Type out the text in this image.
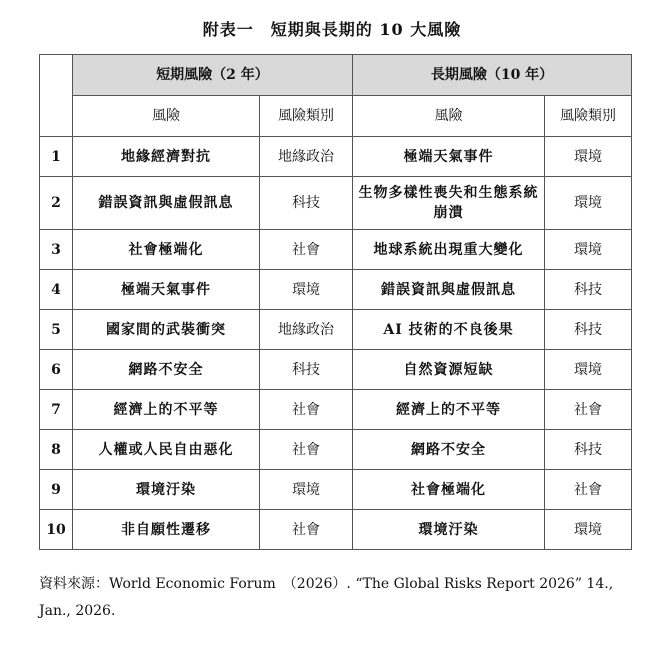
附表一　短期與長期的 10 大風險
	短期風險（2 年）		長期風險（10 年）	
	風險	風險類別	風險	風險類別
1	地緣經濟對抗	地緣政治	極端天氣事件	環境
2	錯誤資訊與虛假訊息	科技	生物多樣性喪失和生態系統崩潰	環境
3	社會極端化	社會	地球系統出現重大變化	環境
4	極端天氣事件	環境	錯誤資訊與虛假訊息	科技
5	國家間的武裝衝突	地緣政治	AI 技術的不良後果	科技
6	網路不安全	科技	自然資源短缺	環境
7	經濟上的不平等	社會	經濟上的不平等	社會
8	人權或人民自由惡化	社會	網路不安全	科技
9	環境汙染	環境	社會極端化	社會
10	非自願性遷移	社會	環境汙染	環境
資料來源：World Economic Forum　（2026）. “The Global Risks Report 2026” 14., Jan., 2026.
